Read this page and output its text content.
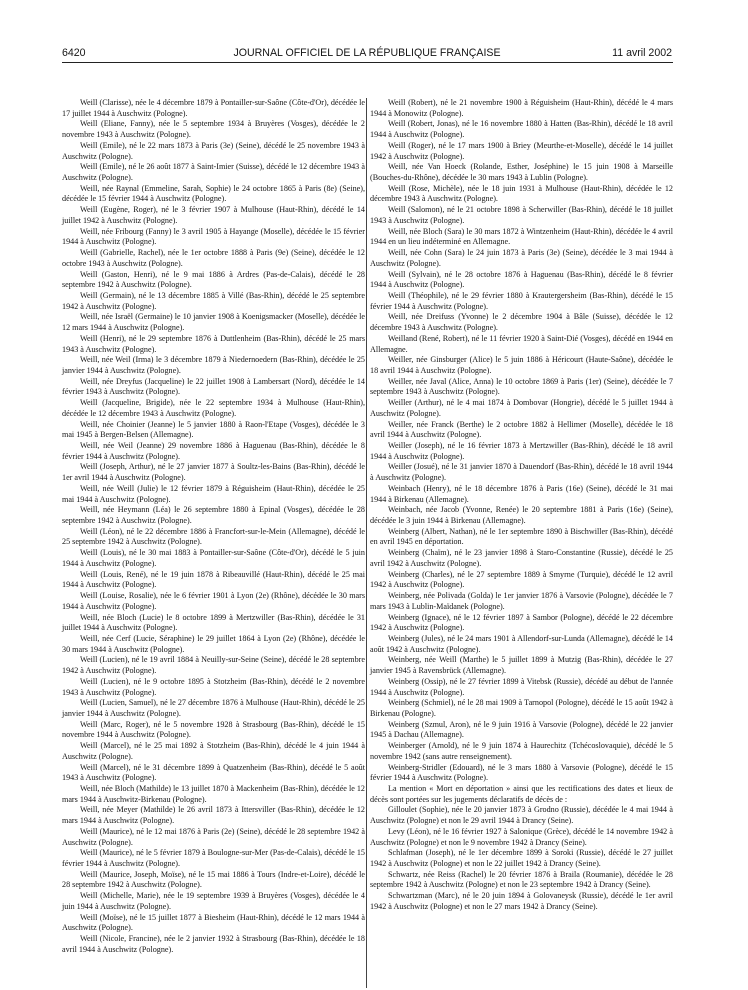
6420	JOURNAL OFFICIEL DE LA RÉPUBLIQUE FRANÇAISE	11 avril 2002

Weill (Clarisse), née le 4 décembre 1879 à Pontailler-sur-Saône (Côte-d'Or), décédée le 17 juillet 1944 à Auschwitz (Pologne).

Weill (Eliane, Fanny), née le 5 septembre 1934 à Bruyères (Vosges), décédée le 2 novembre 1943 à Auschwitz (Pologne).

Weill (Emile), né le 22 mars 1873 à Paris (3e) (Seine), décédé le 25 novembre 1943 à Auschwitz (Pologne).

Weill (Emile), né le 26 août 1877 à Saint-Imier (Suisse), décédé le 12 décembre 1943 à Auschwitz (Pologne).

Weill, née Raynal (Emmeline, Sarah, Sophie) le 24 octobre 1865 à Paris (8e) (Seine), décédée le 15 février 1944 à Auschwitz (Pologne).

Weill (Eugène, Roger), né le 3 février 1907 à Mulhouse (Haut-Rhin), décédé le 14 juillet 1942 à Auschwitz (Pologne).

Weill, née Fribourg (Fanny) le 3 avril 1905 à Hayange (Moselle), décédée le 15 février 1944 à Auschwitz (Pologne).

Weill (Gabrielle, Rachel), née le 1er octobre 1888 à Paris (9e) (Seine), décédée le 12 octobre 1943 à Auschwitz (Pologne).

Weill (Gaston, Henri), né le 9 mai 1886 à Ardres (Pas-de-Calais), décédé le 28 septembre 1942 à Auschwitz (Pologne).

Weill (Germain), né le 13 décembre 1885 à Villé (Bas-Rhin), décédé le 25 septembre 1942 à Auschwitz (Pologne).

Weill, née Israël (Germaine) le 10 janvier 1908 à Koenigsmacker (Moselle), décédée le 12 mars 1944 à Auschwitz (Pologne).

Weill (Henri), né le 29 septembre 1876 à Duttlenheim (Bas-Rhin), décédé le 25 mars 1943 à Auschwitz (Pologne).

Weill, née Weil (Irma) le 3 décembre 1879 à Niedernoedern (Bas-Rhin), décédée le 25 janvier 1944 à Auschwitz (Pologne).

Weill, née Dreyfus (Jacqueline) le 22 juillet 1908 à Lambersart (Nord), décédée le 14 février 1943 à Auschwitz (Pologne).

Weill (Jacqueline, Brigide), née le 22 septembre 1934 à Mulhouse (Haut-Rhin), décédée le 12 décembre 1943 à Auschwitz (Pologne).

Weill, née Choinier (Jeanne) le 5 janvier 1880 à Raon-l'Etape (Vosges), décédée le 3 mai 1945 à Bergen-Belsen (Allemagne).

Weill, née Weil (Jeanne) 29 novembre 1886 à Haguenau (Bas-Rhin), décédée le 8 février 1944 à Auschwitz (Pologne).

Weill (Joseph, Arthur), né le 27 janvier 1877 à Soultz-les-Bains (Bas-Rhin), décédé le 1er avril 1944 à Auschwitz (Pologne).

Weill, née Weill (Julie) le 12 février 1879 à Réguisheim (Haut-Rhin), décédée le 25 mai 1944 à Auschwitz (Pologne).

Weill, née Heymann (Léa) le 26 septembre 1880 à Epinal (Vosges), décédée le 28 septembre 1942 à Auschwitz (Pologne).

Weill (Léon), né le 22 décembre 1886 à Francfort-sur-le-Mein (Allemagne), décédé le 25 septembre 1942 à Auschwitz (Pologne).

Weill (Louis), né le 30 mai 1883 à Pontailler-sur-Saône (Côte-d'Or), décédé le 5 juin 1944 à Auschwitz (Pologne).

Weill (Louis, René), né le 19 juin 1878 à Ribeauvillé (Haut-Rhin), décédé le 25 mai 1944 à Auschwitz (Pologne).

Weill (Louise, Rosalie), née le 6 février 1901 à Lyon (2e) (Rhône), décédée le 30 mars 1944 à Auschwitz (Pologne).

Weill, née Bloch (Lucie) le 8 octobre 1899 à Mertzwiller (Bas-Rhin), décédée le 31 juillet 1944 à Auschwitz (Pologne).

Weill, née Cerf (Lucie, Séraphine) le 29 juillet 1864 à Lyon (2e) (Rhône), décédée le 30 mars 1944 à Auschwitz (Pologne).

Weill (Lucien), né le 19 avril 1884 à Neuilly-sur-Seine (Seine), décédé le 28 septembre 1942 à Auschwitz (Pologne).

Weill (Lucien), né le 9 octobre 1895 à Stotzheim (Bas-Rhin), décédé le 2 novembre 1943 à Auschwitz (Pologne).

Weill (Lucien, Samuel), né le 27 décembre 1876 à Mulhouse (Haut-Rhin), décédé le 25 janvier 1944 à Auschwitz (Pologne).

Weill (Marc, Roger), né le 5 novembre 1928 à Strasbourg (Bas-Rhin), décédé le 15 novembre 1944 à Auschwitz (Pologne).

Weill (Marcel), né le 25 mai 1892 à Stotzheim (Bas-Rhin), décédé le 4 juin 1944 à Auschwitz (Pologne).

Weill (Marcel), né le 31 décembre 1899 à Quatzenheim (Bas-Rhin), décédé le 5 août 1943 à Auschwitz (Pologne).

Weill, née Bloch (Mathilde) le 13 juillet 1870 à Mackenheim (Bas-Rhin), décédée le 12 mars 1944 à Auschwitz-Birkenau (Pologne).

Weill, née Meyer (Mathilde) le 26 avril 1873 à Ittersviller (Bas-Rhin), décédée le 12 mars 1944 à Auschwitz (Pologne).

Weill (Maurice), né le 12 mai 1876 à Paris (2e) (Seine), décédé le 28 septembre 1942 à Auschwitz (Pologne).

Weill (Maurice), né le 5 février 1879 à Boulogne-sur-Mer (Pas-de-Calais), décédé le 15 février 1944 à Auschwitz (Pologne).

Weill (Maurice, Joseph, Moïse), né le 15 mai 1886 à Tours (Indre-et-Loire), décédé le 28 septembre 1942 à Auschwitz (Pologne).

Weill (Michelle, Marie), née le 19 septembre 1939 à Bruyères (Vosges), décédée le 4 juin 1944 à Auschwitz (Pologne).

Weill (Moïse), né le 15 juillet 1877 à Biesheim (Haut-Rhin), décédé le 12 mars 1944 à Auschwitz (Pologne).

Weill (Nicole, Francine), née le 2 janvier 1932 à Strasbourg (Bas-Rhin), décédée le 18 avril 1944 à Auschwitz (Pologne).

Weill (Robert), né le 21 novembre 1900 à Réguisheim (Haut-Rhin), décédé le 4 mars 1944 à Monowitz (Pologne).

Weill (Robert, Jonas), né le 16 novembre 1880 à Hatten (Bas-Rhin), décédé le 18 avril 1944 à Auschwitz (Pologne).

Weill (Roger), né le 17 mars 1900 à Briey (Meurthe-et-Moselle), décédé le 14 juillet 1942 à Auschwitz (Pologne).

Weill, née Van Hoeck (Rolande, Esther, Joséphine) le 15 juin 1908 à Marseille (Bouches-du-Rhône), décédée le 30 mars 1943 à Lublin (Pologne).

Weill (Rose, Michèle), née le 18 juin 1931 à Mulhouse (Haut-Rhin), décédée le 12 décembre 1943 à Auschwitz (Pologne).

Weill (Salomon), né le 21 octobre 1898 à Scherwiller (Bas-Rhin), décédé le 18 juillet 1943 à Auschwitz (Pologne).

Weill, née Bloch (Sara) le 30 mars 1872 à Wintzenheim (Haut-Rhin), décédée le 4 avril 1944 en un lieu indéterminé en Allemagne.

Weill, née Cohn (Sara) le 24 juin 1873 à Paris (3e) (Seine), décédée le 3 mai 1944 à Auschwitz (Pologne).

Weill (Sylvain), né le 28 octobre 1876 à Haguenau (Bas-Rhin), décédé le 8 février 1944 à Auschwitz (Pologne).

Weill (Théophile), né le 29 février 1880 à Krautergersheim (Bas-Rhin), décédé le 15 février 1944 à Auschwitz (Pologne).

Weill, née Dreifuss (Yvonne) le 2 décembre 1904 à Bâle (Suisse), décédée le 12 décembre 1943 à Auschwitz (Pologne).

Weilland (René, Robert), né le 11 février 1920 à Saint-Dié (Vosges), décédé en 1944 en Allemagne.

Weiller, née Ginsburger (Alice) le 5 juin 1886 à Héricourt (Haute-Saône), décédée le 18 avril 1944 à Auschwitz (Pologne).

Weiller, née Javal (Alice, Anna) le 10 octobre 1869 à Paris (1er) (Seine), décédée le 7 septembre 1943 à Auschwitz (Pologne).

Weiller (Arthur), né le 4 mai 1874 à Dombovar (Hongrie), décédé le 5 juillet 1944 à Auschwitz (Pologne).

Weiller, née Franck (Berthe) le 2 octobre 1882 à Hellimer (Moselle), décédée le 18 avril 1944 à Auschwitz (Pologne).

Weiller (Joseph), né le 16 février 1873 à Mertzwiller (Bas-Rhin), décédé le 18 avril 1944 à Auschwitz (Pologne).

Weiller (Josué), né le 31 janvier 1870 à Dauendorf (Bas-Rhin), décédé le 18 avril 1944 à Auschwitz (Pologne).

Weinbach (Henry), né le 18 décembre 1876 à Paris (16e) (Seine), décédé le 31 mai 1944 à Birkenau (Allemagne).

Weinbach, née Jacob (Yvonne, Renée) le 20 septembre 1881 à Paris (16e) (Seine), décédée le 3 juin 1944 à Birkenau (Allemagne).

Weinberg (Albert, Nathan), né le 1er septembre 1890 à Bischwiller (Bas-Rhin), décédé en avril 1945 en déportation.

Weinberg (Chaïm), né le 23 janvier 1898 à Staro-Constantine (Russie), décédé le 25 avril 1942 à Auschwitz (Pologne).

Weinberg (Charles), né le 27 septembre 1889 à Smyrne (Turquie), décédé le 12 avril 1942 à Auschwitz (Pologne).

Weinberg, née Polivada (Golda) le 1er janvier 1876 à Varsovie (Pologne), décédée le 7 mars 1943 à Lublin-Maïdanek (Pologne).

Weinberg (Ignace), né le 12 février 1897 à Sambor (Pologne), décédé le 22 décembre 1942 à Auschwitz (Pologne).

Weinberg (Jules), né le 24 mars 1901 à Allendorf-sur-Lunda (Allemagne), décédé le 14 août 1942 à Auschwitz (Pologne).

Weinberg, née Weill (Marthe) le 5 juillet 1899 à Mutzig (Bas-Rhin), décédée le 27 janvier 1945 à Ravensbrück (Allemagne).

Weinberg (Ossip), né le 27 février 1899 à Vitebsk (Russie), décédé au début de l'année 1944 à Auschwitz (Pologne).

Weinberg (Schmiel), né le 28 mai 1909 à Tarnopol (Pologne), décédé le 15 août 1942 à Birkenau (Pologne).

Weinberg (Szmul, Aron), né le 9 juin 1916 à Varsovie (Pologne), décédé le 22 janvier 1945 à Dachau (Allemagne).

Weinberger (Arnold), né le 9 juin 1874 à Haurechitz (Tchécoslovaquie), décédé le 5 novembre 1942 (sans autre renseignement).

Weinberg-Stridler (Edouard), né le 3 mars 1880 à Varsovie (Pologne), décédé le 15 février 1944 à Auschwitz (Pologne).

La mention « Mort en déportation » ainsi que les rectifications des dates et lieux de décès sont portées sur les jugements déclaratifs de décès de :

Gilloulet (Sophie), née le 20 janvier 1873 à Grodno (Russie), décédée le 4 mai 1944 à Auschwitz (Pologne) et non le 29 avril 1944 à Drancy (Seine).

Levy (Léon), né le 16 février 1927 à Salonique (Grèce), décédé le 14 novembre 1942 à Auschwitz (Pologne) et non le 9 novembre 1942 à Drancy (Seine).

Schlafman (Joseph), né le 1er décembre 1899 à Soroki (Russie), décédé le 27 juillet 1942 à Auschwitz (Pologne) et non le 22 juillet 1942 à Drancy (Seine).

Schwartz, née Reiss (Rachel) le 20 février 1876 à Braila (Roumanie), décédée le 28 septembre 1942 à Auschwitz (Pologne) et non le 23 septembre 1942 à Drancy (Seine).

Schwartzman (Marc), né le 20 juin 1894 à Golovaneysk (Russie), décédé le 1er avril 1942 à Auschwitz (Pologne) et non le 27 mars 1942 à Drancy (Seine).
